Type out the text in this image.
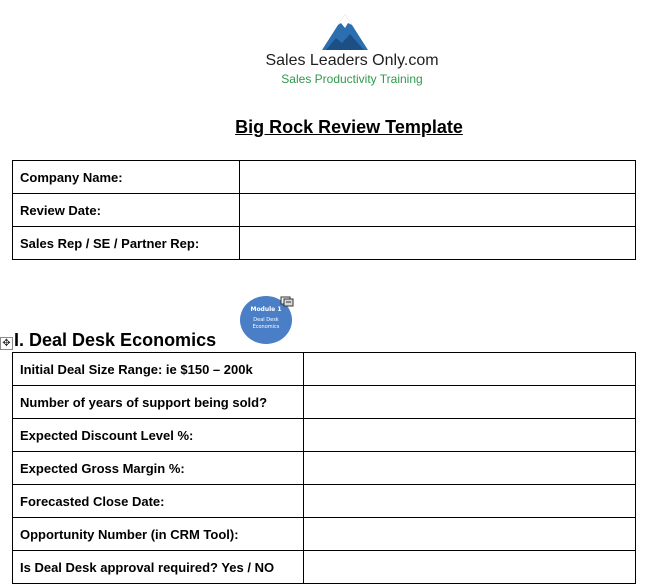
Sales Leaders Only.com
Sales Productivity Training
Big Rock Review Template
Company Name:	
Review Date:	
Sales Rep / SE / Partner Rep:	
Module 1
Deal Desk Economics
✥ I. Deal Desk Economics
Initial Deal Size Range: ie $150 – 200k	
Number of years of support being sold?	
Expected Discount Level %:	
Expected Gross Margin %:	
Forecasted Close Date:	
Opportunity Number (in CRM Tool):	
Is Deal Desk approval required? Yes / NO	
